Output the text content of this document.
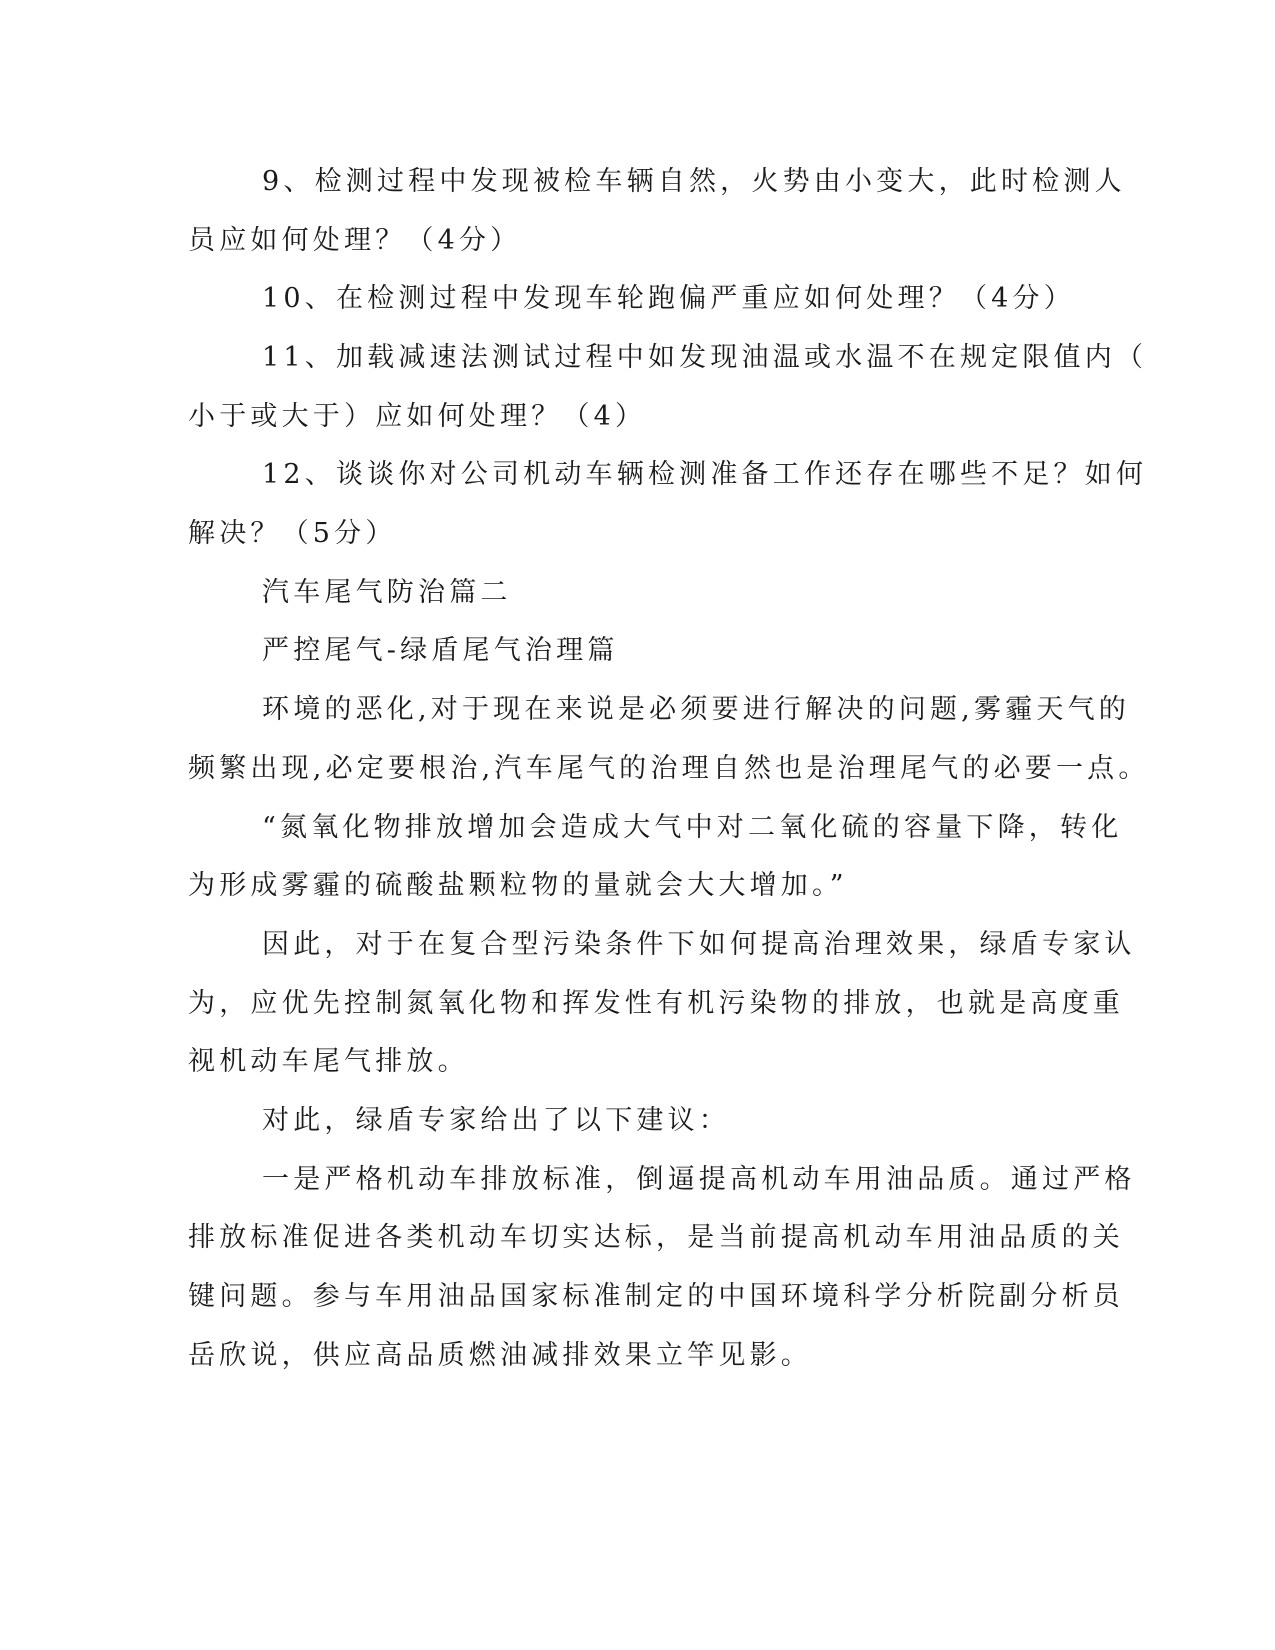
9、检测过程中发现被检车辆自然，火势由小变大，此时检测人
员应如何处理？（4分）
10、在检测过程中发现车轮跑偏严重应如何处理？（4分）
11、加载减速法测试过程中如发现油温或水温不在规定限值内（
小于或大于）应如何处理？（4）
12、谈谈你对公司机动车辆检测准备工作还存在哪些不足？如何
解决？（5分）
汽车尾气防治篇二
严控尾气-绿盾尾气治理篇
环境的恶化,对于现在来说是必须要进行解决的问题,雾霾天气的
频繁出现,必定要根治,汽车尾气的治理自然也是治理尾气的必要一点。
“氮氧化物排放增加会造成大气中对二氧化硫的容量下降，转化
为形成雾霾的硫酸盐颗粒物的量就会大大增加。”
因此，对于在复合型污染条件下如何提高治理效果，绿盾专家认
为，应优先控制氮氧化物和挥发性有机污染物的排放，也就是高度重
视机动车尾气排放。
对此，绿盾专家给出了以下建议：
一是严格机动车排放标准，倒逼提高机动车用油品质。通过严格
排放标准促进各类机动车切实达标，是当前提高机动车用油品质的关
键问题。参与车用油品国家标准制定的中国环境科学分析院副分析员
岳欣说，供应高品质燃油减排效果立竿见影。
